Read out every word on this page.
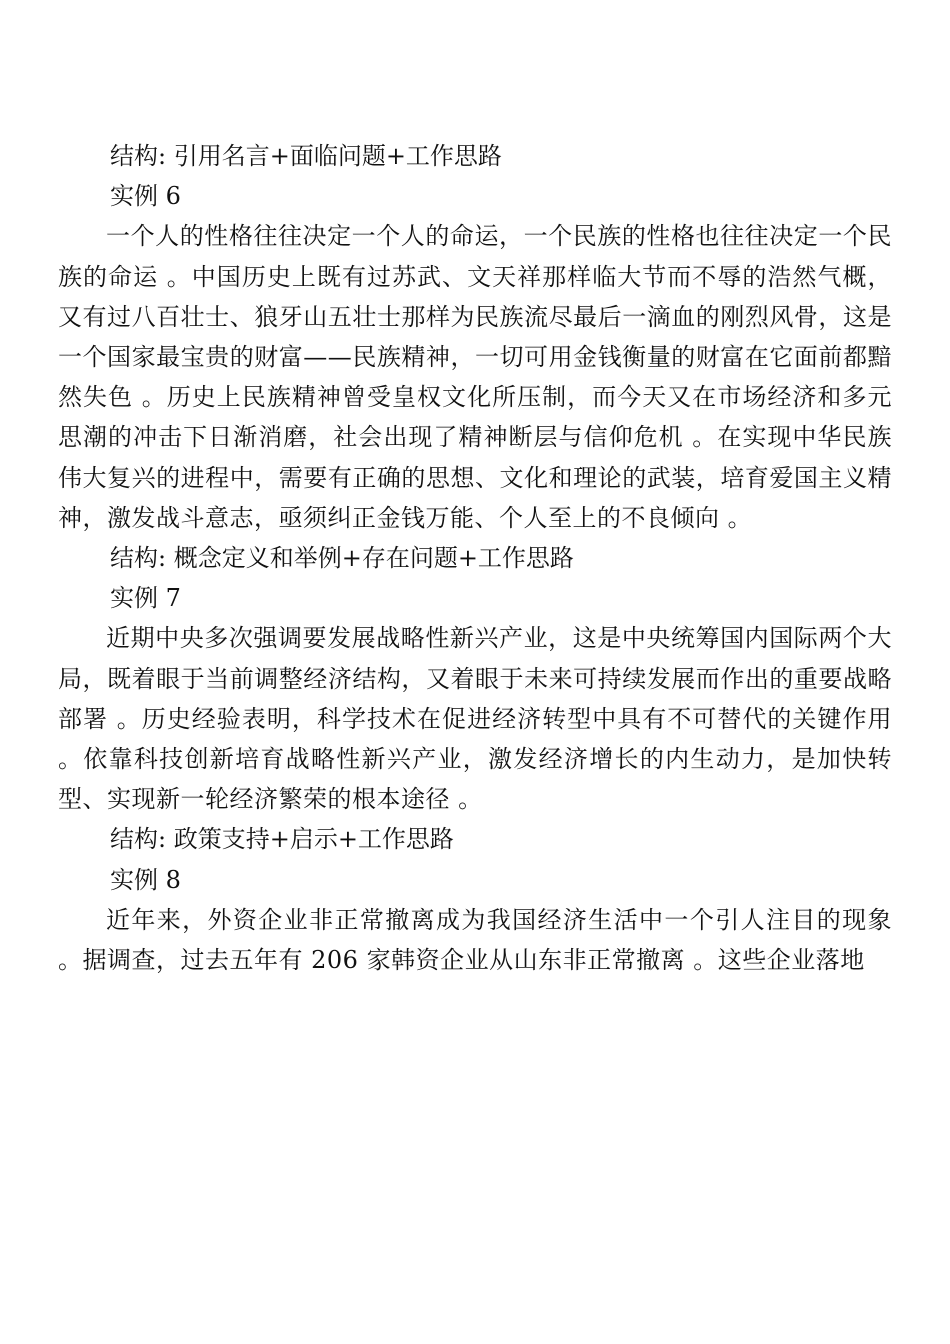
结构: 引用名言+面临问题+工作思路

实例 6

一个人的性格往往决定一个人的命运，一个民族的性格也往往决定一个民族的命运 。中国历史上既有过苏武、文天祥那样临大节而不辱的浩然气概，又有过八百壮士、狼牙山五壮士那样为民族流尽最后一滴血的刚烈风骨，这是一个国家最宝贵的财富——民族精神，一切可用金钱衡量的财富在它面前都黯然失色 。历史上民族精神曾受皇权文化所压制，而今天又在市场经济和多元思潮的冲击下日渐消磨，社会出现了精神断层与信仰危机 。在实现中华民族伟大复兴的进程中，需要有正确的思想、文化和理论的武装，培育爱国主义精神，激发战斗意志，亟须纠正金钱万能、个人至上的不良倾向 。

结构: 概念定义和举例+存在问题+工作思路

实例 7

近期中央多次强调要发展战略性新兴产业，这是中央统筹国内国际两个大局，既着眼于当前调整经济结构，又着眼于未来可持续发展而作出的重要战略部署 。历史经验表明，科学技术在促进经济转型中具有不可替代的关键作用 。依靠科技创新培育战略性新兴产业，激发经济增长的内生动力，是加快转型、实现新一轮经济繁荣的根本途径 。

结构: 政策支持+启示+工作思路

实例 8

近年来，外资企业非正常撤离成为我国经济生活中一个引人注目的现象 。据调查，过去五年有 206 家韩资企业从山东非正常撤离 。这些企业落地
